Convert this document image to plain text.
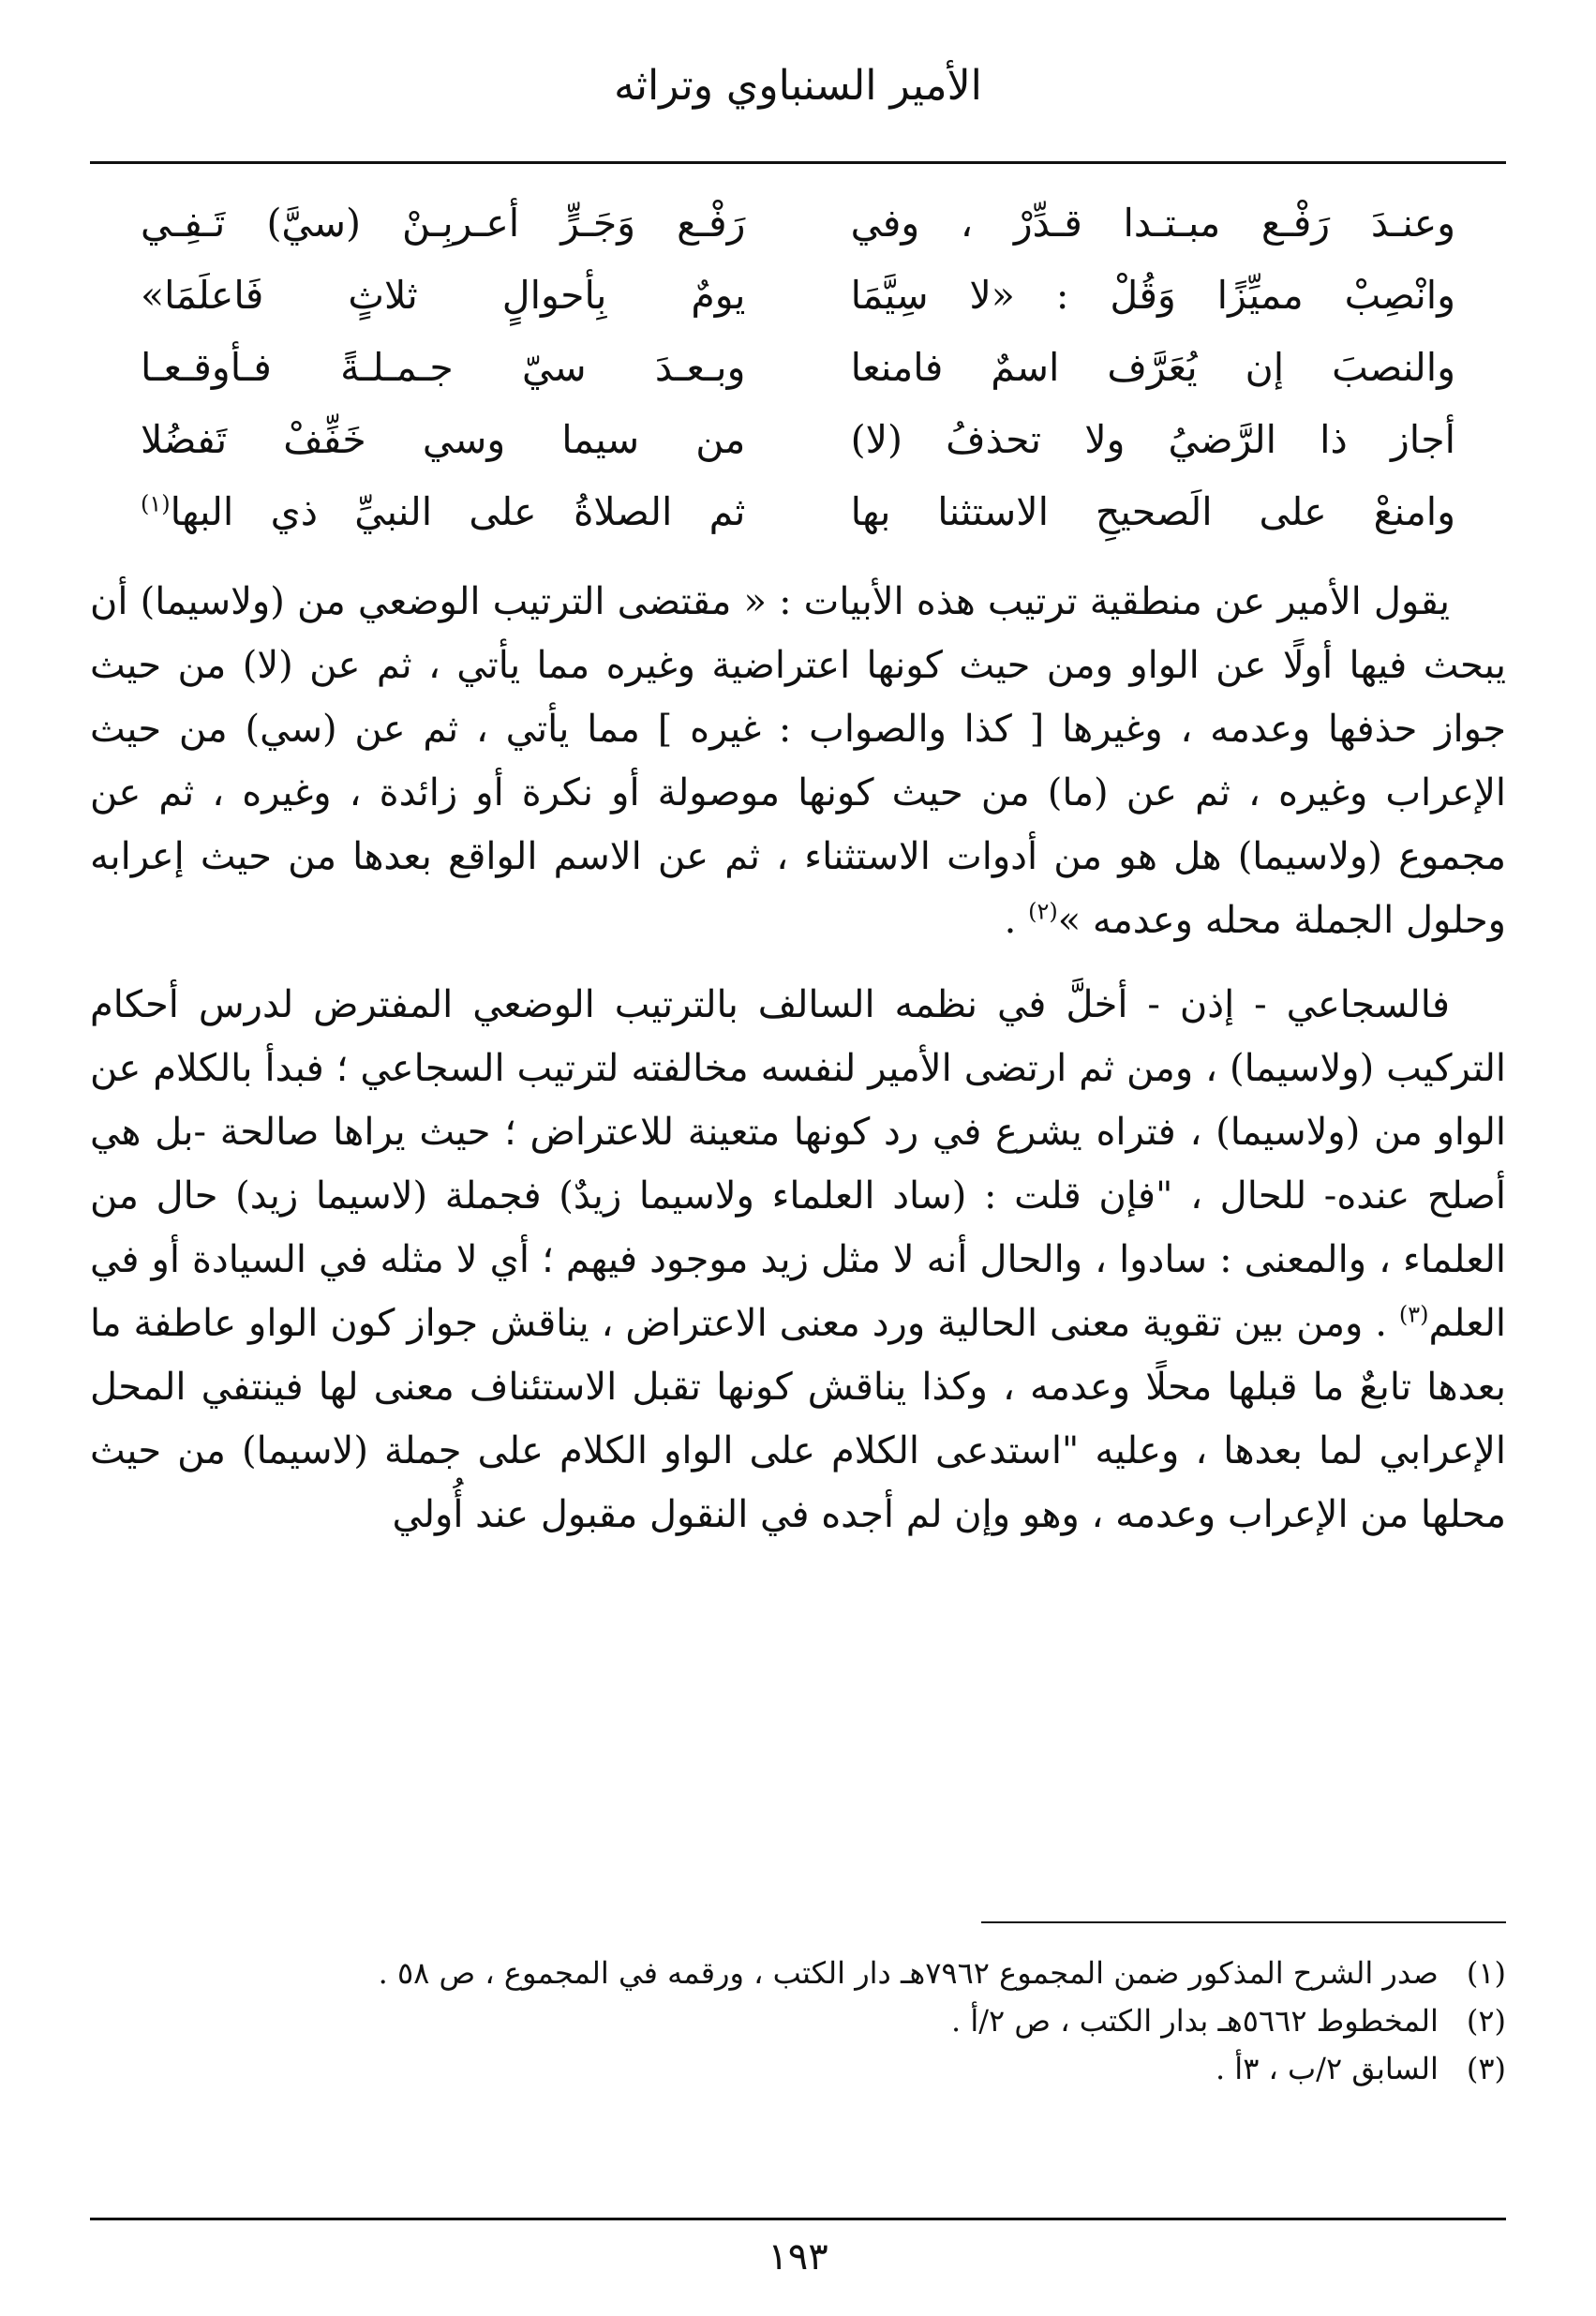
الأمير السنباوي وتراثه
وعنـدَ رَفْـع مبـتـدا قـدِّرْ ، وفي
رَفْـع وَجَـرٍّ أعـربِـنْ (سيَّ) تَـفِـي
وانْصِبْ مميِّزًا وَقُلْ : «لا سِيَّمَا
يومٌ بِأحوالٍ ثلاثٍ فَاعلَمَا»
والنصبَ إن يُعَرَّف اسمٌ فامنعا
وبـعـدَ سيّ جـمـلـةً فـأوقـعـا
أجاز ذا الرَّضيُ ولا تحذفُ (لا)
من سيما وسي خَفِّفْ تَفضُلا
وامنعْ على الَصحيحِ الاستثنا بها
ثم الصلاةُ على النبيِّ ذي البها$^{(١)}$

يقول الأمير عن منطقية ترتيب هذه الأبيات : « مقتضى الترتيب الوضعي من (ولاسيما) أن يبحث فيها أولًا عن الواو ومن حيث كونها اعتراضية وغيره مما يأتي ، ثم عن (لا) من حيث جواز حذفها وعدمه ، وغيرها [ كذا والصواب : غيره ] مما يأتي ، ثم عن (سي) من حيث الإعراب وغيره ، ثم عن (ما) من حيث كونها موصولة أو نكرة أو زائدة ، وغيره ، ثم عن مجموع (ولاسيما) هل هو من أدوات الاستثناء ، ثم عن الاسم الواقع بعدها من حيث إعرابه وحلول الجملة محله وعدمه »$^{(٢)}$ .

فالسجاعي - إذن - أخلَّ في نظمه السالف بالترتيب الوضعي المفترض لدرس أحكام التركيب (ولاسيما) ، ومن ثم ارتضى الأمير لنفسه مخالفته لترتيب السجاعي ؛ فبدأ بالكلام عن الواو من (ولاسيما) ، فتراه يشرع في رد كونها متعينة للاعتراض ؛ حيث يراها صالحة -بل هي أصلح عنده- للحال ، "فإن قلت : (ساد العلماء ولاسيما زيدٌ) فجملة (لاسيما زيد) حال من العلماء ، والمعنى : سادوا ، والحال أنه لا مثل زيد موجود فيهم ؛ أي لا مثله في السيادة أو في العلم$^{(٣)}$ . ومن بين تقوية معنى الحالية ورد معنى الاعتراض ، يناقش جواز كون الواو عاطفة ما بعدها تابعٌ ما قبلها محلًا وعدمه ، وكذا يناقش كونها تقبل الاستئناف معنى لها فينتفي المحل الإعرابي لما بعدها ، وعليه "استدعى الكلام على الواو الكلام على جملة (لاسيما) من حيث محلها من الإعراب وعدمه ، وهو وإن لم أجده في النقول مقبول عند أُولي

(١)
صدر الشرح المذكور ضمن المجموع ٧٩٦٢هـ دار الكتب ، ورقمه في المجموع ، ص ٥٨ .
(٢)
المخطوط ٥٦٦٢هـ بدار الكتب ، ص ٢/أ .
(٣)
السابق ٢/ب ، ٣أ .
١٩٣
